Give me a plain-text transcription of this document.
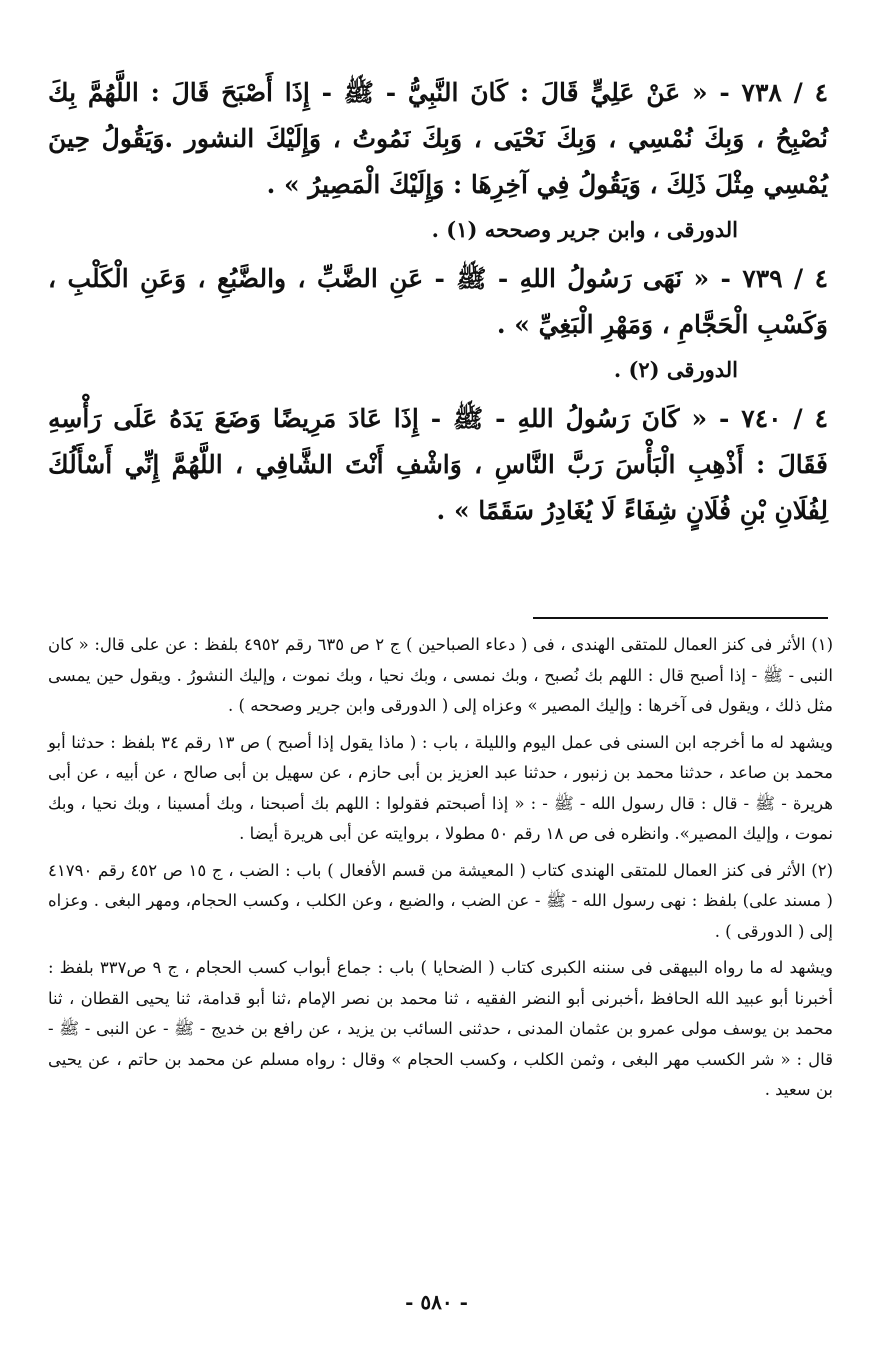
٤ / ٧٣٨ - « عَنْ عَلِيٍّ قَالَ : كَانَ النَّبِيُّ - ﷺ - إِذَا أَصْبَحَ قَالَ : اللَّهُمَّ بِكَ نُصْبِحُ ، وَبِكَ نُمْسِي ، وَبِكَ نَحْيَى ، وَبِكَ نَمُوتُ ، وَإِلَيْكَ النشور .وَيَقُولُ حِينَ يُمْسِي مِثْلَ ذَلِكَ ، وَيَقُولُ فِي آخِرِهَا : وَإِلَيْكَ الْمَصِيرُ » .

الدورقى ، وابن جرير وصححه (١) .

٤ / ٧٣٩ - « نَهَى رَسُولُ اللهِ - ﷺ - عَنِ الضَّبِّ ، والضَّبُعِ ، وَعَنِ الْكَلْبِ ، وَكَسْبِ الْحَجَّامِ ، وَمَهْرِ الْبَغِيِّ » .

الدورقى (٢) .

٤ / ٧٤٠ - « كَانَ رَسُولُ اللهِ - ﷺ - إِذَا عَادَ مَرِيضًا وَضَعَ يَدَهُ عَلَى رَأْسِهِ فَقَالَ : أَذْهِبِ الْبَأْسَ رَبَّ النَّاسِ ، وَاشْفِ أَنْتَ الشَّافِي ، اللَّهُمَّ إِنِّي أَسْأَلُكَ لِفُلَانِ بْنِ فُلَانٍ شِفَاءً لَا يُغَادِرُ سَقَمًا » .

(١) الأثر فى كنز العمال للمتقى الهندى ، فى ( دعاء الصباحين ) ج ٢ ص ٦٣٥ رقم ٤٩٥٢ بلفظ : عن على قال: « كان النبى - ﷺ - إذا أصبح قال : اللهم بك نُصبح ، وبك نمسى ، وبك نحيا ، وبك نموت ، وإليك النشورُ . ويقول حين يمسى مثل ذلك ، ويقول فى آخرها : وإليك المصير » وعزاه إلى ( الدورقى وابن جرير وصححه ) .

ويشهد له ما أخرجه ابن السنى فى عمل اليوم والليلة ، باب : ( ماذا يقول إذا أصبح ) ص ١٣ رقم ٣٤ بلفظ : حدثنا أبو محمد بن صاعد ، حدثنا محمد بن زنبور ، حدثنا عبد العزيز بن أبى حازم ، عن سهيل بن أبى صالح ، عن أبيه ، عن أبى هريرة - ﷺ - قال : قال رسول الله - ﷺ - : « إذا أصبحتم فقولوا : اللهم بك أصبحنا ، وبك أمسينا ، وبك نحيا ، وبك نموت ، وإليك المصير». وانظره فى ص ١٨ رقم ٥٠ مطولا ، بروايته عن أبى هريرة أيضا .

(٢) الأثر فى كنز العمال للمتقى الهندى كتاب ( المعيشة من قسم الأفعال ) باب : الضب ، ج ١٥ ص ٤٥٢ رقم ٤١٧٩٠ ( مسند على) بلفظ : نهى رسول الله - ﷺ - عن الضب ، والضبع ، وعن الكلب ، وكسب الحجام، ومهر البغى . وعزاه إلى ( الدورقى ) .

ويشهد له ما رواه البيهقى فى سننه الكبرى كتاب ( الضحايا ) باب : جماع أبواب كسب الحجام ، ج ٩ ص٣٣٧ بلفظ : أخبرنا أبو عبيد الله الحافظ ،أخبرنى أبو النضر الفقيه ، ثنا محمد بن نصر الإمام ،ثنا أبو قدامة، ثنا يحيى القطان ، ثنا محمد بن يوسف مولى عمرو بن عثمان المدنى ، حدثنى السائب بن يزيد ، عن رافع بن خديج - ﷺ - عن النبى - ﷺ - قال : « شر الكسب مهر البغى ، وثمن الكلب ، وكسب الحجام » وقال : رواه مسلم عن محمد بن حاتم ، عن يحيى بن سعيد .

- ٥٨٠ -
